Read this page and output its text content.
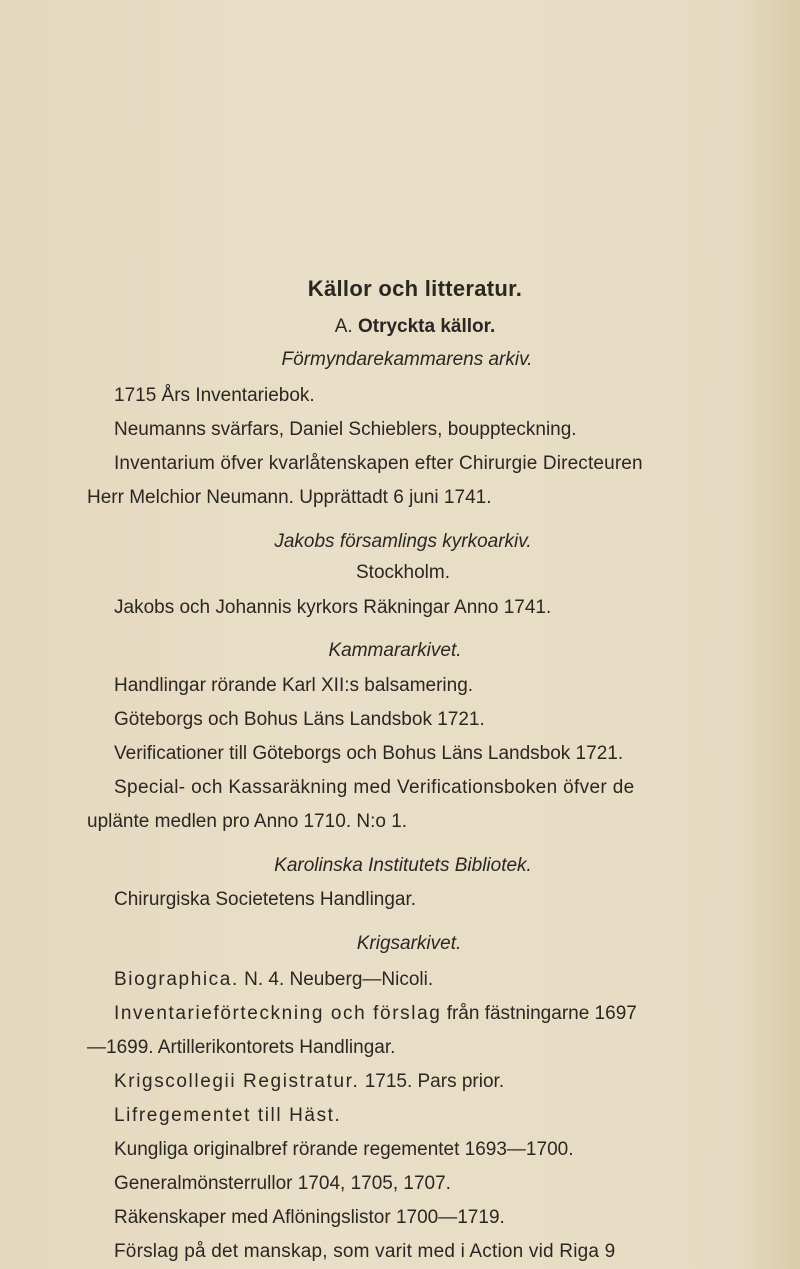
Källor och litteratur.
A. Otryckta källor.
Förmyndarekammarens arkiv.
1715 Års Inventariebok.
Neumanns svärfars, Daniel Schieblers, bouppteckning.
Inventarium öfver kvarlåtenskapen efter Chirurgie Directeuren
Herr Melchior Neumann. Upprättadt 6 juni 1741.
Jakobs församlings kyrkoarkiv.
Stockholm.
Jakobs och Johannis kyrkors Räkningar Anno 1741.
Kammararkivet.
Handlingar rörande Karl XII:s balsamering.
Göteborgs och Bohus Läns Landsbok 1721.
Verificationer till Göteborgs och Bohus Läns Landsbok 1721.
Special- och Kassaräkning med Verificationsboken öfver de
uplänte medlen pro Anno 1710. N:o 1.
Karolinska Institutets Bibliotek.
Chirurgiska Societetens Handlingar.
Krigsarkivet.
Biographica. N. 4. Neuberg—Nicoli.
Inventarieförteckning och förslag från fästningarne 1697
—1699. Artillerikontorets Handlingar.
Krigscollegii Registratur. 1715. Pars prior.
Lifregementet till Häst.
Kungliga originalbref rörande regementet 1693—1700.
Generalmönsterrullor 1704, 1705, 1707.
Räkenskaper med Aflöningslistor 1700—1719.
Förslag på det manskap, som varit med i Action vid Riga 9
